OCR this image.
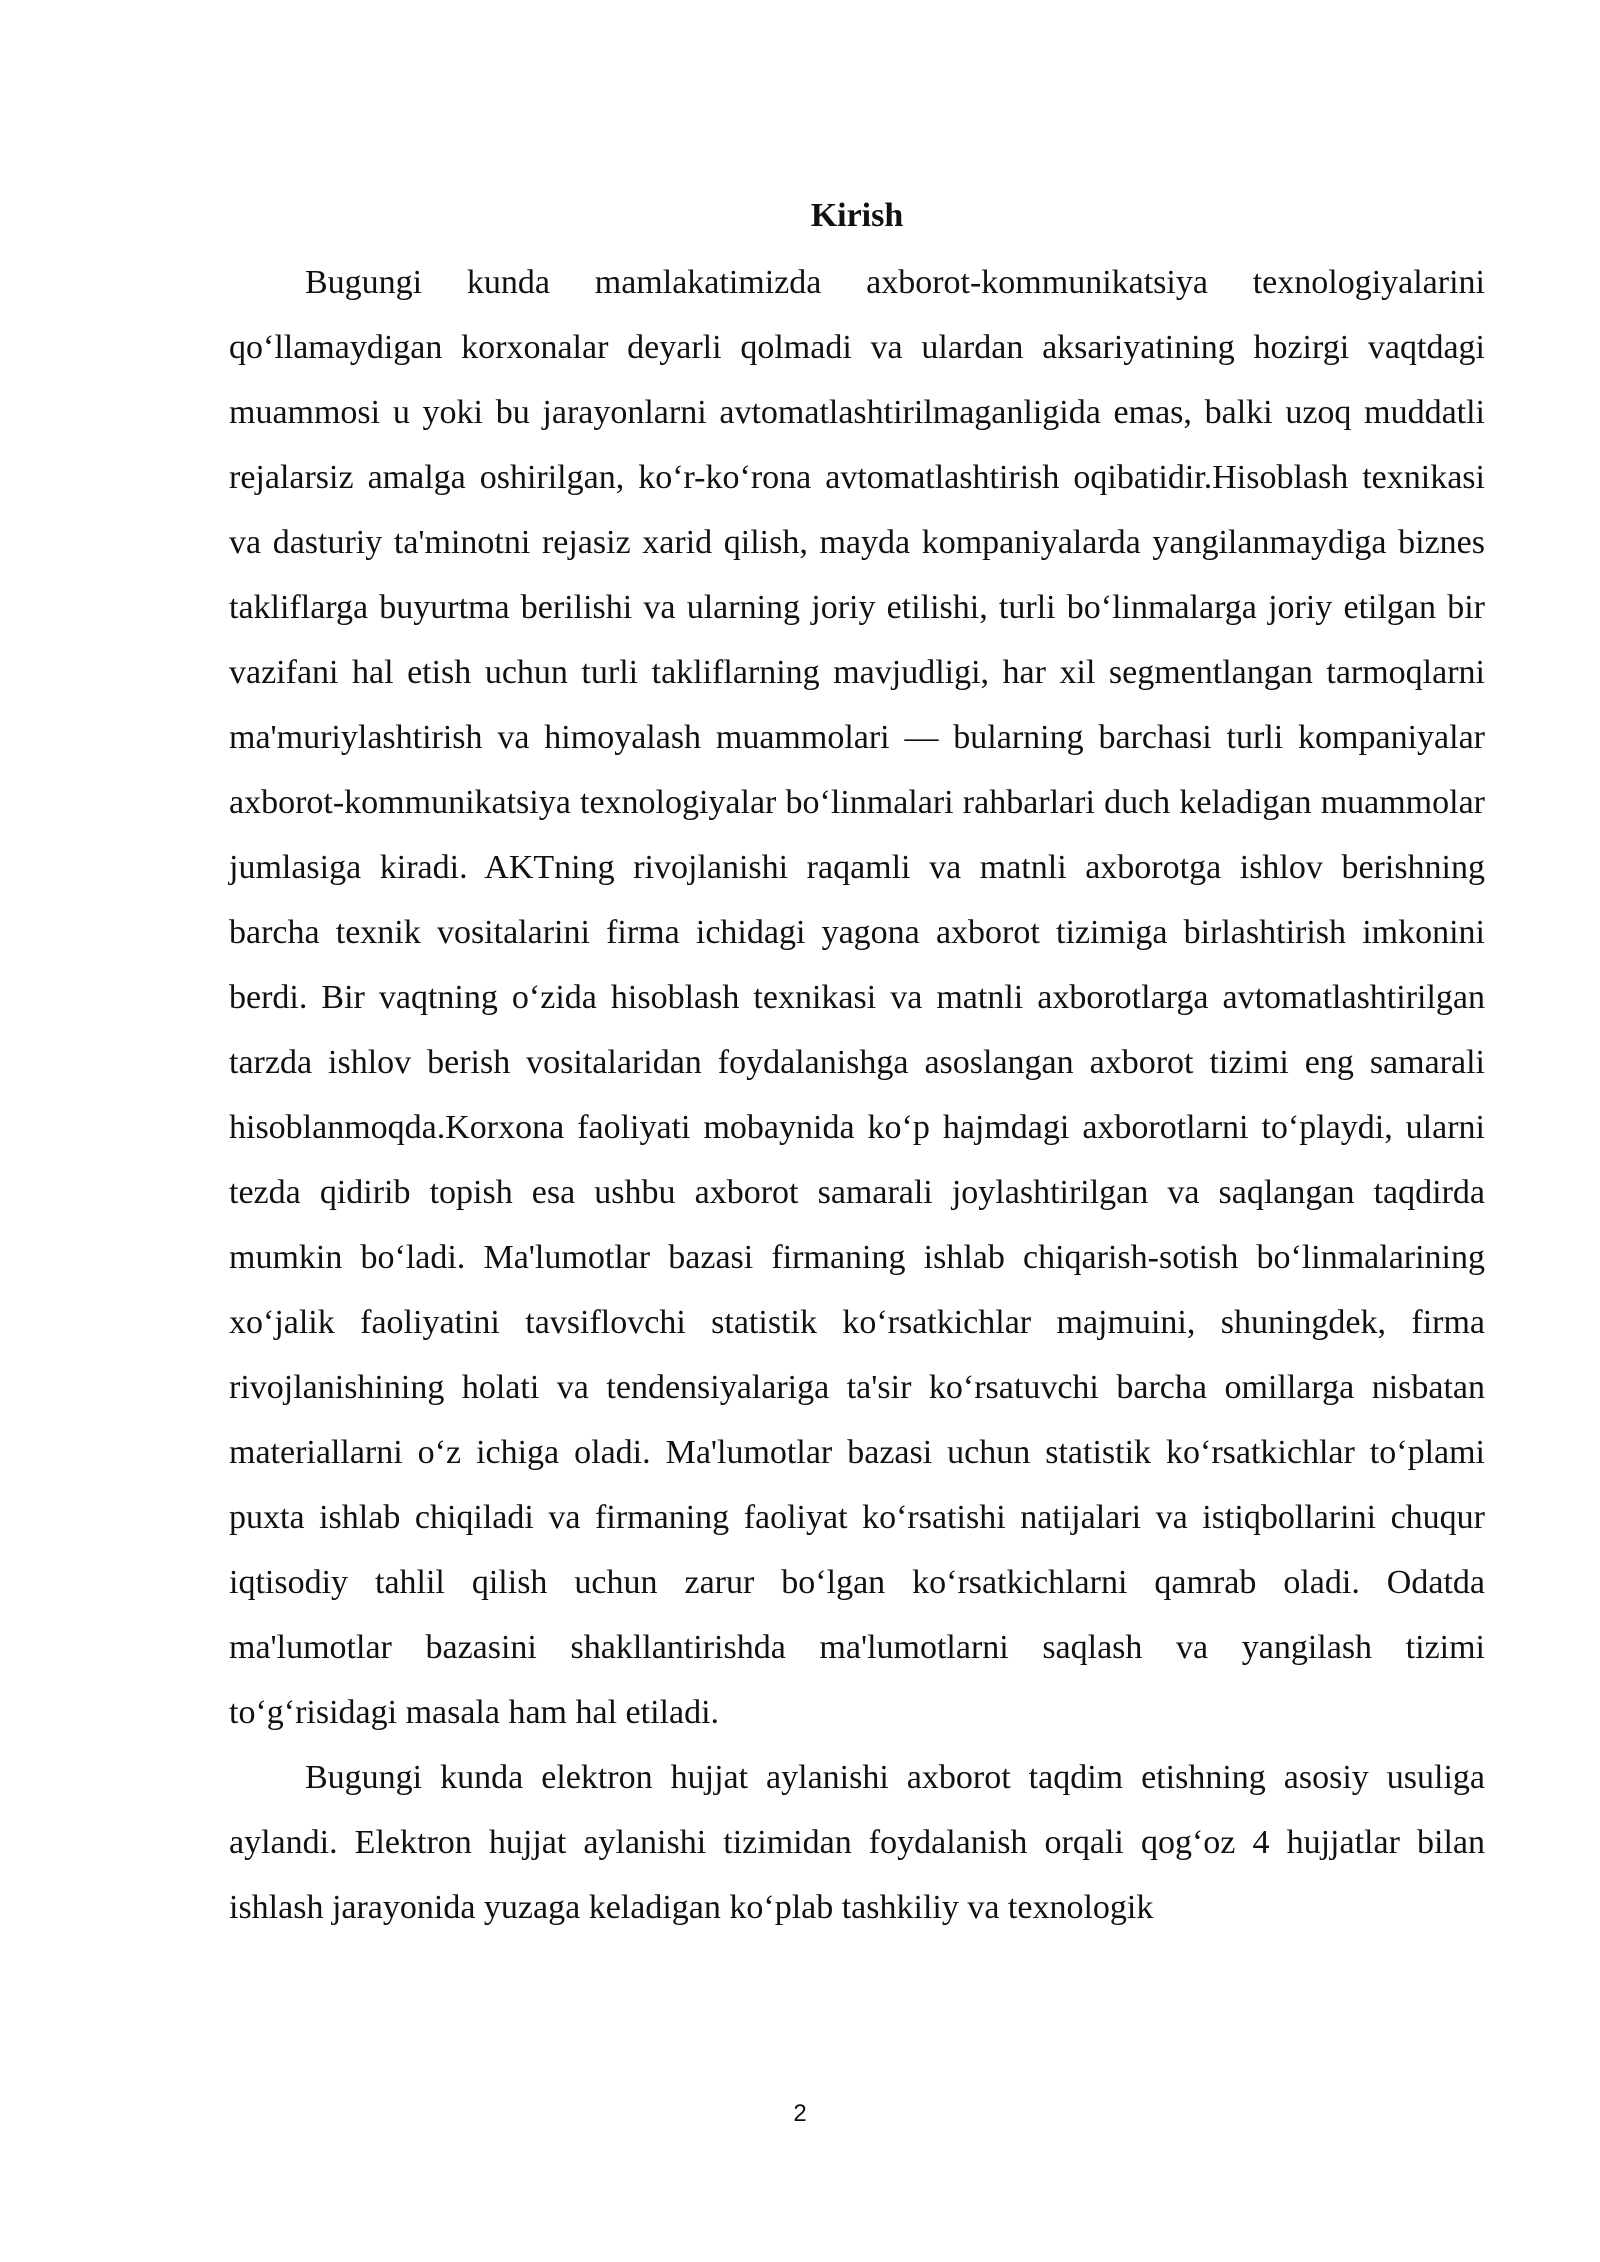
Kirish

Bugungi kunda mamlakatimizda axborot-kommunikatsiya texnologiyalarini qo‘llamaydigan korxonalar deyarli qolmadi va ulardan aksariyatining hozirgi vaqtdagi muammosi u yoki bu jarayonlarni avtomatlashtirilmaganligida emas, balki uzoq muddatli rejalarsiz amalga oshirilgan, ko‘r-ko‘rona avtomatlashtirish oqibatidir.Hisoblash texnikasi va dasturiy ta'minotni rejasiz xarid qilish, mayda kompaniyalarda yangilanmaydiga biznes takliflarga buyurtma berilishi va ularning joriy etilishi, turli bo‘linmalarga joriy etilgan bir vazifani hal etish uchun turli takliflarning mavjudligi, har xil segmentlangan tarmoqlarni ma'muriylashtirish va himoyalash muammolari — bularning barchasi turli kompaniyalar axborot-kommunikatsiya texnologiyalar bo‘linmalari rahbarlari duch keladigan muammolar jumlasiga kiradi. AKTning rivojlanishi raqamli va matnli axborotga ishlov berishning barcha texnik vositalarini firma ichidagi yagona axborot tizimiga birlashtirish imkonini berdi. Bir vaqtning o‘zida hisoblash texnikasi va matnli axborotlarga avtomatlashtirilgan tarzda ishlov berish vositalaridan foydalanishga asoslangan axborot tizimi eng samarali hisoblanmoqda.Korxona faoliyati mobaynida ko‘p hajmdagi axborotlarni to‘playdi, ularni tezda qidirib topish esa ushbu axborot samarali joylashtirilgan va saqlangan taqdirda mumkin bo‘ladi. Ma'lumotlar bazasi firmaning ishlab chiqarish-sotish bo‘linmalarining xo‘jalik faoliyatini tavsiflovchi statistik ko‘rsatkichlar majmuini, shuningdek, firma rivojlanishining holati va tendensiyalariga ta'sir ko‘rsatuvchi barcha omillarga nisbatan materiallarni o‘z ichiga oladi. Ma'lumotlar bazasi uchun statistik ko‘rsatkichlar to‘plami puxta ishlab chiqiladi va firmaning faoliyat ko‘rsatishi natijalari va istiqbollarini chuqur iqtisodiy tahlil qilish uchun zarur bo‘lgan ko‘rsatkichlarni qamrab oladi. Odatda ma'lumotlar bazasini shakllantirishda ma'lumotlarni saqlash va yangilash tizimi to‘g‘risidagi masala ham hal etiladi.

Bugungi kunda elektron hujjat aylanishi axborot taqdim etishning asosiy usuliga aylandi. Elektron hujjat aylanishi tizimidan foydalanish orqali qog‘oz 4 hujjatlar bilan ishlash jarayonida yuzaga keladigan ko‘plab tashkiliy va texnologik

2
